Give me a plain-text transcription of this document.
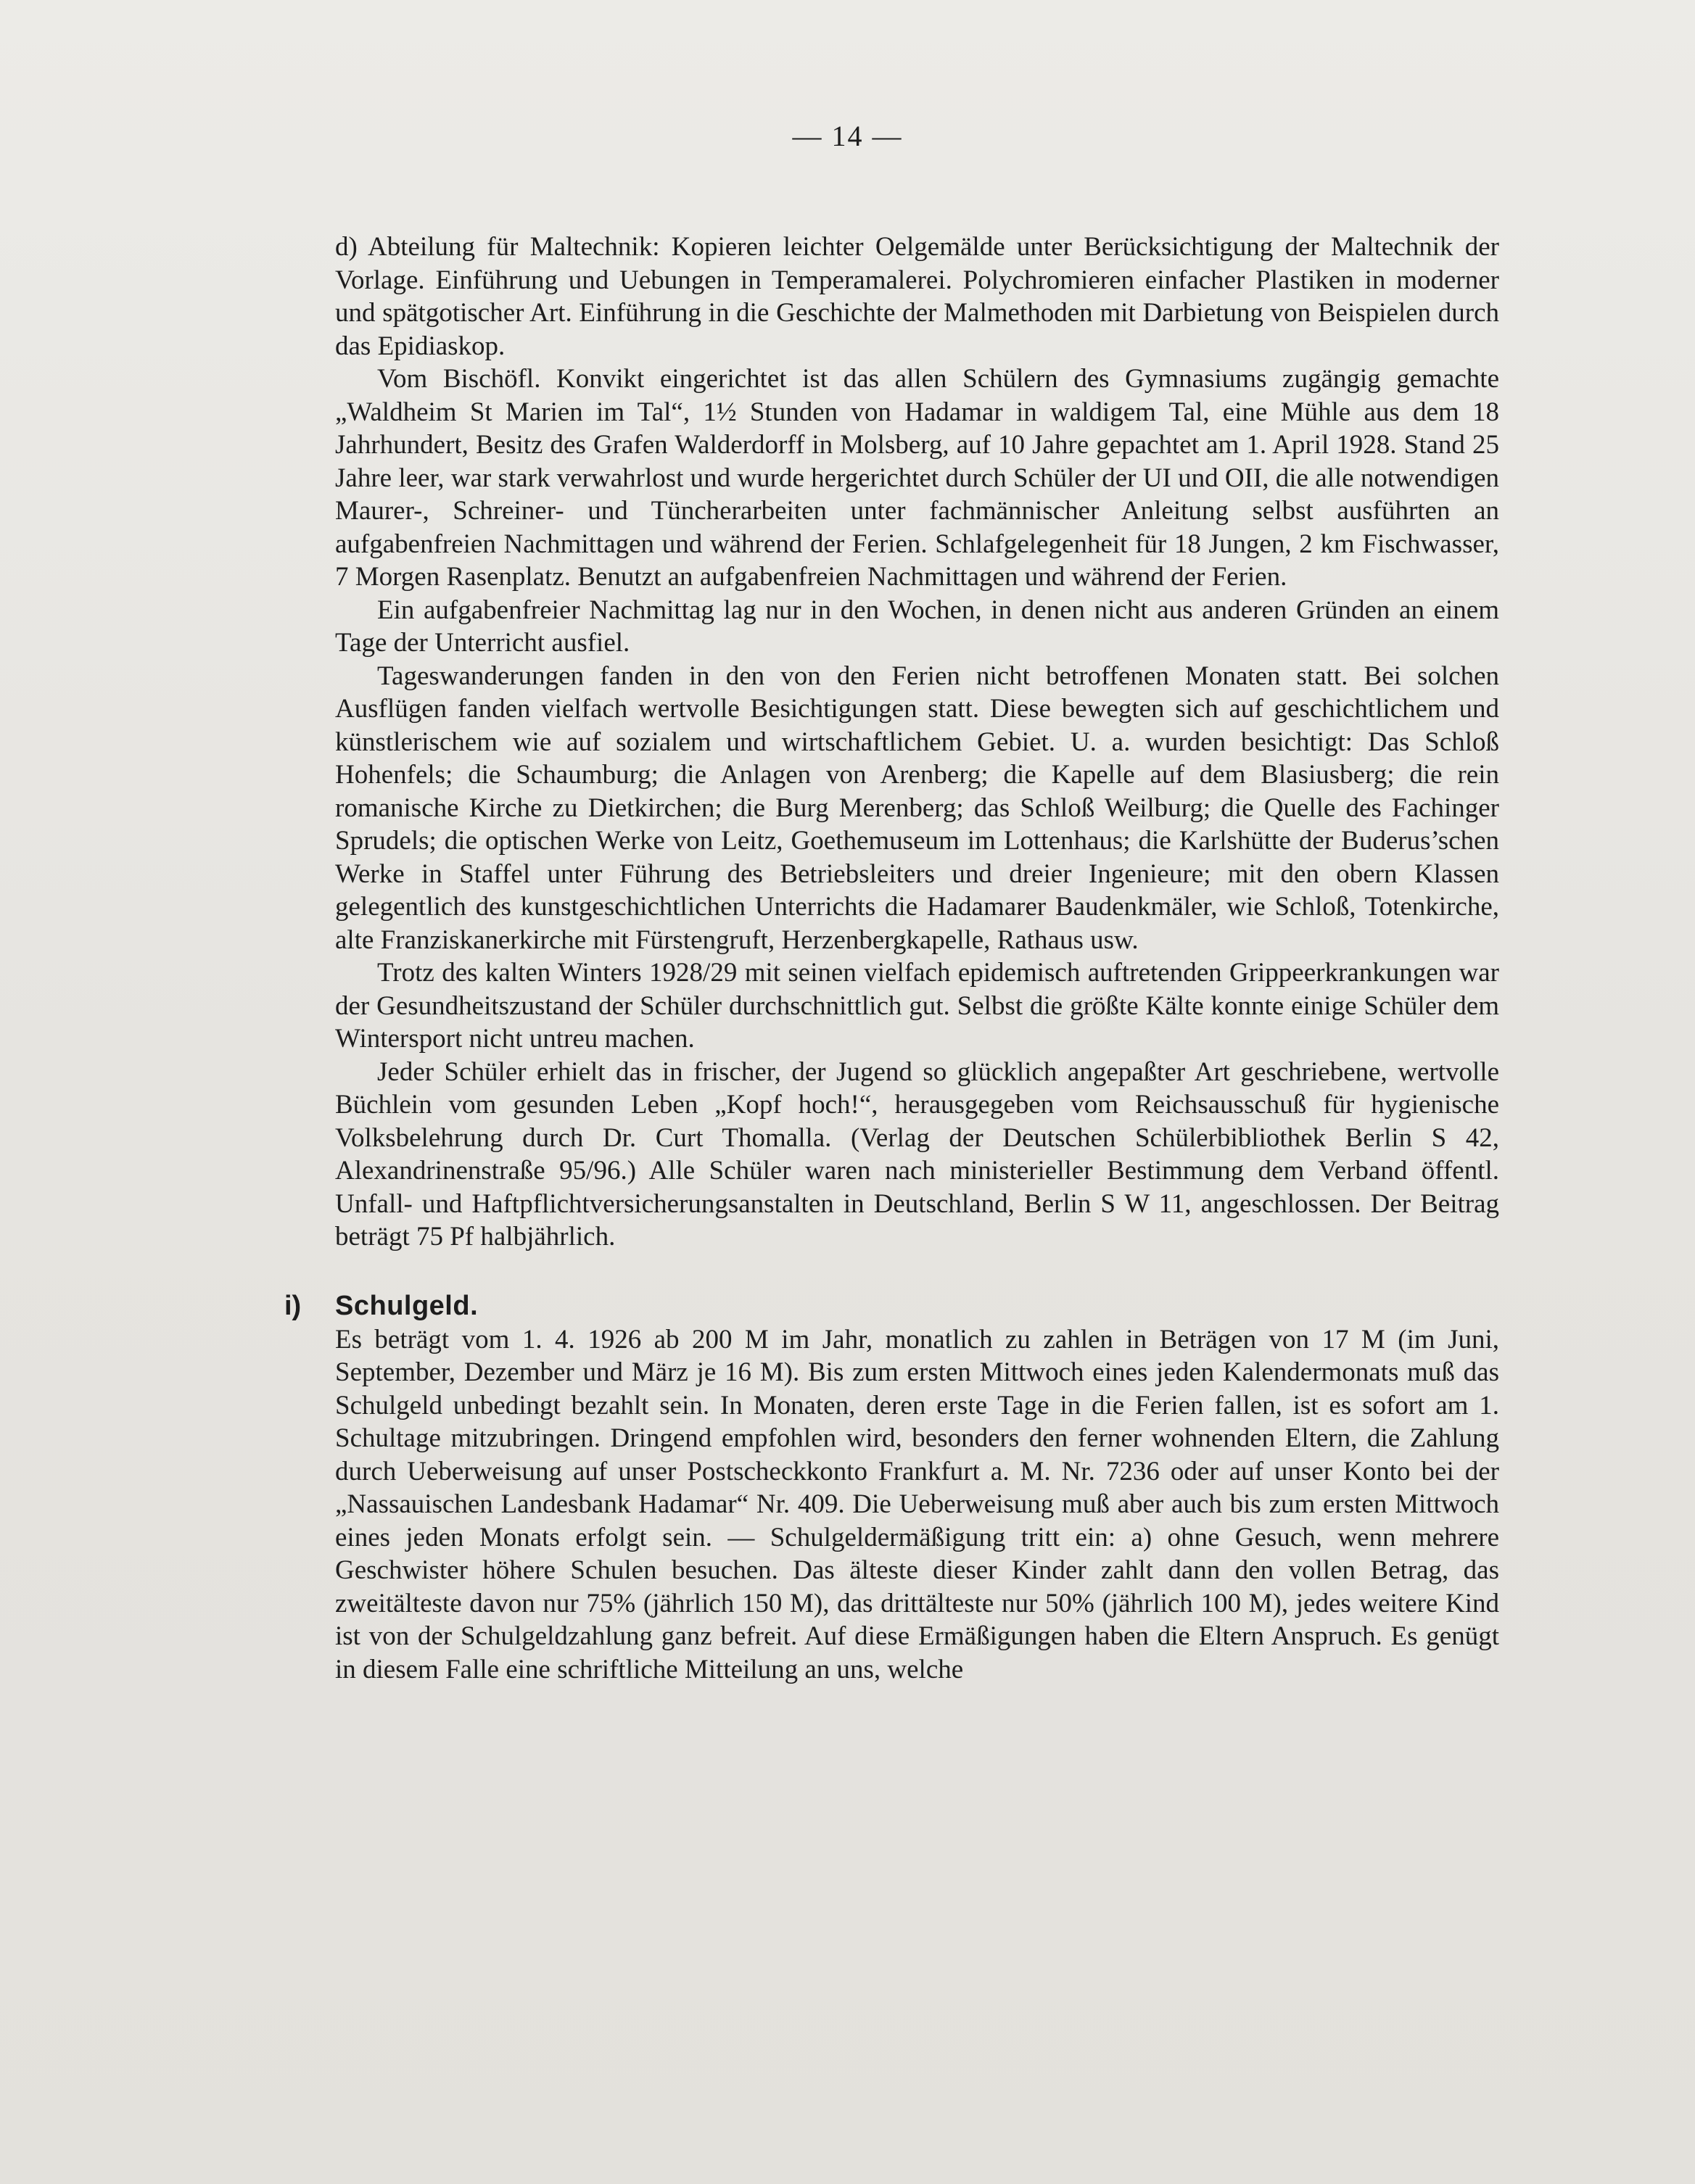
— 14 —

d) Abteilung für Maltechnik: Kopieren leichter Oelgemälde unter Berücksichtigung der Maltechnik der Vorlage. Einführung und Uebungen in Temperamalerei. Polychromieren einfacher Plastiken in moderner und spätgotischer Art. Einführung in die Geschichte der Malmethoden mit Darbietung von Beispielen durch das Epidiaskop.

Vom Bischöfl. Konvikt eingerichtet ist das allen Schülern des Gymnasiums zugängig gemachte „Waldheim St Marien im Tal“, 1½ Stunden von Hadamar in waldigem Tal, eine Mühle aus dem 18 Jahrhundert, Besitz des Grafen Walderdorff in Molsberg, auf 10 Jahre gepachtet am 1. April 1928. Stand 25 Jahre leer, war stark verwahrlost und wurde hergerichtet durch Schüler der UI und OII, die alle notwendigen Maurer-, Schreiner- und Tüncherarbeiten unter fachmännischer Anleitung selbst ausführten an aufgabenfreien Nachmittagen und während der Ferien. Schlafgelegenheit für 18 Jungen, 2 km Fischwasser, 7 Morgen Rasenplatz. Benutzt an aufgabenfreien Nachmittagen und während der Ferien.

Ein aufgabenfreier Nachmittag lag nur in den Wochen, in denen nicht aus anderen Gründen an einem Tage der Unterricht ausfiel.

Tageswanderungen fanden in den von den Ferien nicht betroffenen Monaten statt. Bei solchen Ausflügen fanden vielfach wertvolle Besichtigungen statt. Diese bewegten sich auf geschichtlichem und künstlerischem wie auf sozialem und wirtschaftlichem Gebiet. U. a. wurden besichtigt: Das Schloß Hohenfels; die Schaumburg; die Anlagen von Arenberg; die Kapelle auf dem Blasiusberg; die rein romanische Kirche zu Dietkirchen; die Burg Merenberg; das Schloß Weilburg; die Quelle des Fachinger Sprudels; die optischen Werke von Leitz, Goethemuseum im Lottenhaus; die Karlshütte der Buderus’schen Werke in Staffel unter Führung des Betriebsleiters und dreier Ingenieure; mit den obern Klassen gelegentlich des kunstgeschichtlichen Unterrichts die Hadamarer Baudenkmäler, wie Schloß, Totenkirche, alte Franziskanerkirche mit Fürstengruft, Herzenbergkapelle, Rathaus usw.

Trotz des kalten Winters 1928/29 mit seinen vielfach epidemisch auftretenden Grippeerkrankungen war der Gesundheitszustand der Schüler durchschnittlich gut. Selbst die größte Kälte konnte einige Schüler dem Wintersport nicht untreu machen.

Jeder Schüler erhielt das in frischer, der Jugend so glücklich angepaßter Art geschriebene, wertvolle Büchlein vom gesunden Leben „Kopf hoch!“, herausgegeben vom Reichsausschuß für hygienische Volksbelehrung durch Dr. Curt Thomalla. (Verlag der Deutschen Schülerbibliothek Berlin S 42, Alexandrinenstraße 95/96.) Alle Schüler waren nach ministerieller Bestimmung dem Verband öffentl. Unfall- und Haftpflichtversicherungsanstalten in Deutschland, Berlin S W 11, angeschlossen. Der Beitrag beträgt 75 Pf halbjährlich.

i) Schulgeld.

Es beträgt vom 1. 4. 1926 ab 200 M im Jahr, monatlich zu zahlen in Beträgen von 17 M (im Juni, September, Dezember und März je 16 M). Bis zum ersten Mittwoch eines jeden Kalendermonats muß das Schulgeld unbedingt bezahlt sein. In Monaten, deren erste Tage in die Ferien fallen, ist es sofort am 1. Schultage mitzubringen. Dringend empfohlen wird, besonders den ferner wohnenden Eltern, die Zahlung durch Ueberweisung auf unser Postscheckkonto Frankfurt a. M. Nr. 7236 oder auf unser Konto bei der „Nassauischen Landesbank Hadamar“ Nr. 409. Die Ueberweisung muß aber auch bis zum ersten Mittwoch eines jeden Monats erfolgt sein. — Schulgeldermäßigung tritt ein: a) ohne Gesuch, wenn mehrere Geschwister höhere Schulen besuchen. Das älteste dieser Kinder zahlt dann den vollen Betrag, das zweitälteste davon nur 75% (jährlich 150 M), das drittälteste nur 50% (jährlich 100 M), jedes weitere Kind ist von der Schulgeldzahlung ganz befreit. Auf diese Ermäßigungen haben die Eltern Anspruch. Es genügt in diesem Falle eine schriftliche Mitteilung an uns, welche
